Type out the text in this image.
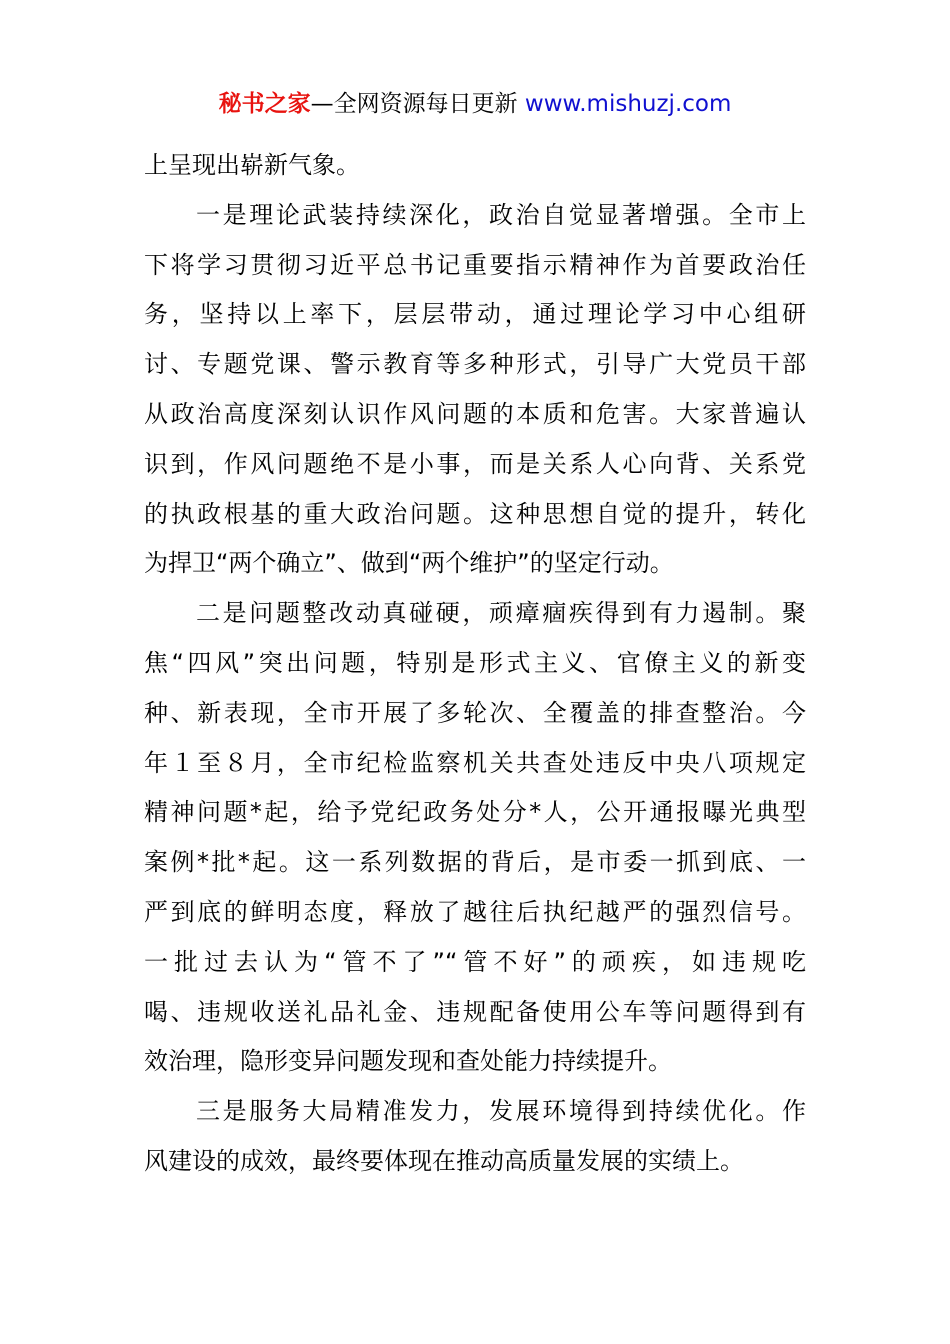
秘书之家—全网资源每日更新 www.mishuzj.com
上呈现出崭新气象。
一是理论武装持续深化，政治自觉显著增强。全市上
下将学习贯彻习近平总书记重要指示精神作为首要政治任
务，坚持以上率下，层层带动，通过理论学习中心组研
讨、专题党课、警示教育等多种形式，引导广大党员干部
从政治高度深刻认识作风问题的本质和危害。大家普遍认
识到，作风问题绝不是小事，而是关系人心向背、关系党
的执政根基的重大政治问题。这种思想自觉的提升，转化
为捍卫“两个确立”、做到“两个维护”的坚定行动。
二是问题整改动真碰硬，顽瘴痼疾得到有力遏制。聚
焦“四风”突出问题，特别是形式主义、官僚主义的新变
种、新表现，全市开展了多轮次、全覆盖的排查整治。今
年１至８月，全市纪检监察机关共查处违反中央八项规定
精神问题*起，给予党纪政务处分*人，公开通报曝光典型
案例*批*起。这一系列数据的背后，是市委一抓到底、一
严到底的鲜明态度，释放了越往后执纪越严的强烈信号。
一批过去认为“管不了”“管不好”的顽疾，如违规吃
喝、违规收送礼品礼金、违规配备使用公车等问题得到有
效治理，隐形变异问题发现和查处能力持续提升。
三是服务大局精准发力，发展环境得到持续优化。作
风建设的成效，最终要体现在推动高质量发展的实绩上。
